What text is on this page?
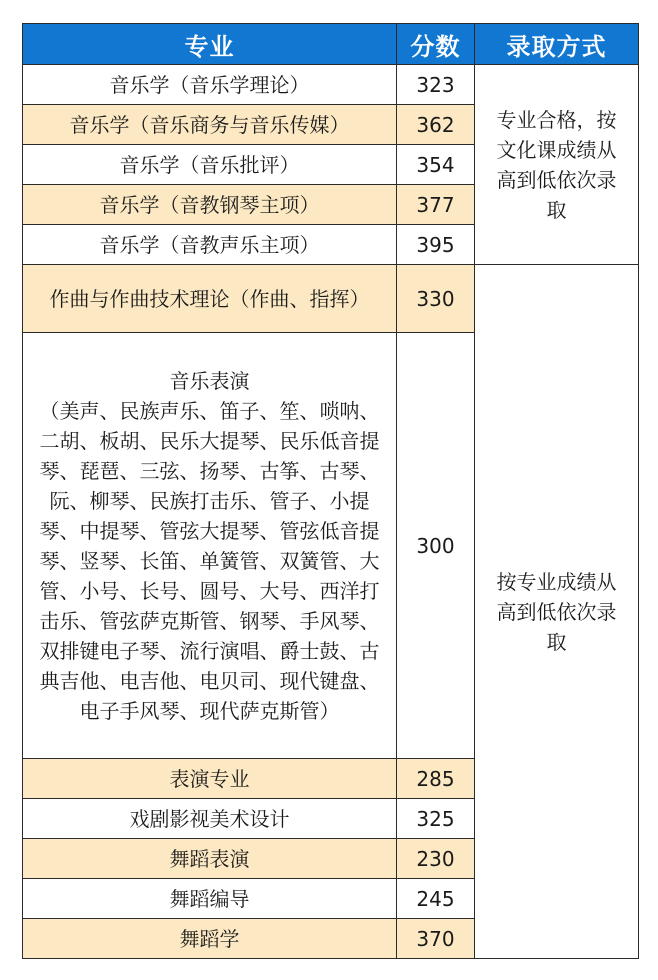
专业	分数	录取方式
音乐学（音乐学理论）	323	专业合格，按文化课成绩从高到低依次录取
音乐学（音乐商务与音乐传媒）	362	
音乐学（音乐批评）	354	
音乐学（音教钢琴主项）	377	
音乐学（音教声乐主项）	395	
作曲与作曲技术理论（作曲、指挥）	330	按专业成绩从高到低依次录取

音乐表演
（美声、民族声乐、笛子、笙、唢呐、二胡、板胡、民乐大提琴、民乐低音提琴、琵琶、三弦、扬琴、古筝、古琴、阮、柳琴、民族打击乐、管子、小提琴、中提琴、管弦大提琴、管弦低音提琴、竖琴、长笛、单簧管、双簧管、大管、小号、长号、圆号、大号、西洋打击乐、管弦萨克斯管、钢琴、手风琴、双排键电子琴、流行演唱、爵士鼓、古典吉他、电吉他、电贝司、现代键盘、电子手风琴、现代萨克斯管）	300	
表演专业	285	
戏剧影视美术设计	325	
舞蹈表演	230	
舞蹈编导	245	
舞蹈学	370	
